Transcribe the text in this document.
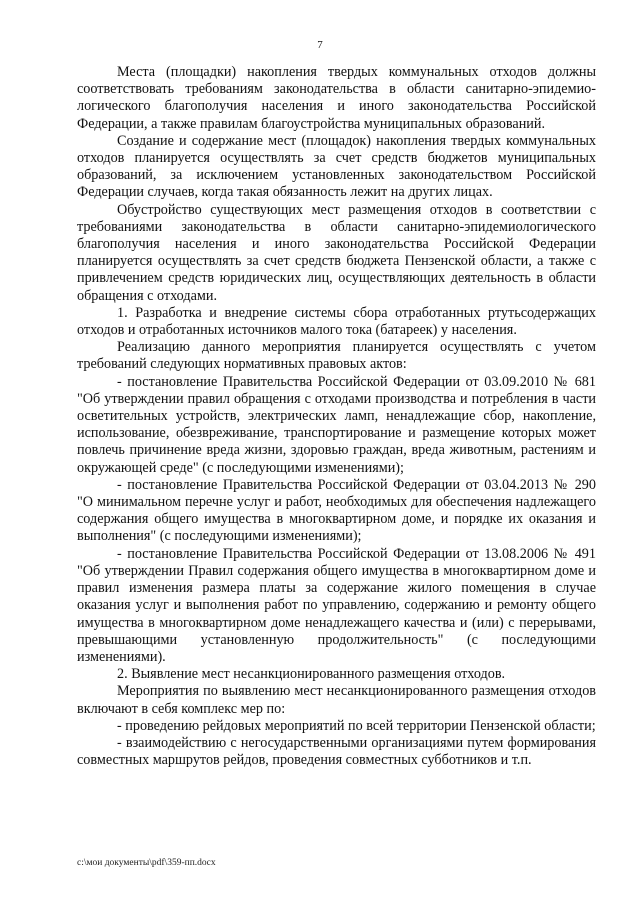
7

Места (площадки) накопления твердых коммунальных отходов должны соответствовать требованиям законодательства в области санитарно-эпидемиологического благополучия населения и иного законодательства Российской Федерации, а также правилам благоустройства муниципальных образований.

Создание и содержание мест (площадок) накопления твердых коммунальных отходов планируется осуществлять за счет средств бюджетов муниципальных образований, за исключением установленных законодательством Российской Федерации случаев, когда такая обязанность лежит на других лицах.

Обустройство существующих мест размещения отходов в соответствии с требованиями законодательства в области санитарно-эпидемиологического благополучия населения и иного законодательства Российской Федерации планируется осуществлять за счет средств бюджета Пензенской области, а также с привлечением средств юридических лиц, осуществляющих деятельность в области обращения с отходами.

1. Разработка и внедрение системы сбора отработанных ртутьсодержащих отходов и отработанных источников малого тока (батареек) у населения.

Реализацию данного мероприятия планируется осуществлять с учетом требований следующих нормативных правовых актов:

- постановление Правительства Российской Федерации от 03.09.2010 № 681 "Об утверждении правил обращения с отходами производства и потребления в части осветительных устройств, электрических ламп, ненадлежащие сбор, накопление, использование, обезвреживание, транспортирование и размещение которых может повлечь причинение вреда жизни, здоровью граждан, вреда животным, растениям и окружающей среде" (с последующими изменениями);

- постановление Правительства Российской Федерации от 03.04.2013 № 290 "О минимальном перечне услуг и работ, необходимых для обеспечения надлежащего содержания общего имущества в многоквартирном доме, и порядке их оказания и выполнения" (с последующими изменениями);

- постановление Правительства Российской Федерации от 13.08.2006 № 491 "Об утверждении Правил содержания общего имущества в многоквартирном доме и правил изменения размера платы за содержание жилого помещения в случае оказания услуг и выполнения работ по управлению, содержанию и ремонту общего имущества в многоквартирном доме ненадлежащего качества и (или) с перерывами, превышающими установленную продолжительность" (с последующими изменениями).

2. Выявление мест несанкционированного размещения отходов.

Мероприятия по выявлению мест несанкционированного размещения отходов включают в себя комплекс мер по:

- проведению рейдовых мероприятий по всей территории Пензенской области;

- взаимодействию с негосударственными организациями путем формирования совместных маршрутов рейдов, проведения совместных субботников и т.п.

c:\мои документы\pdf\359-пп.docx
